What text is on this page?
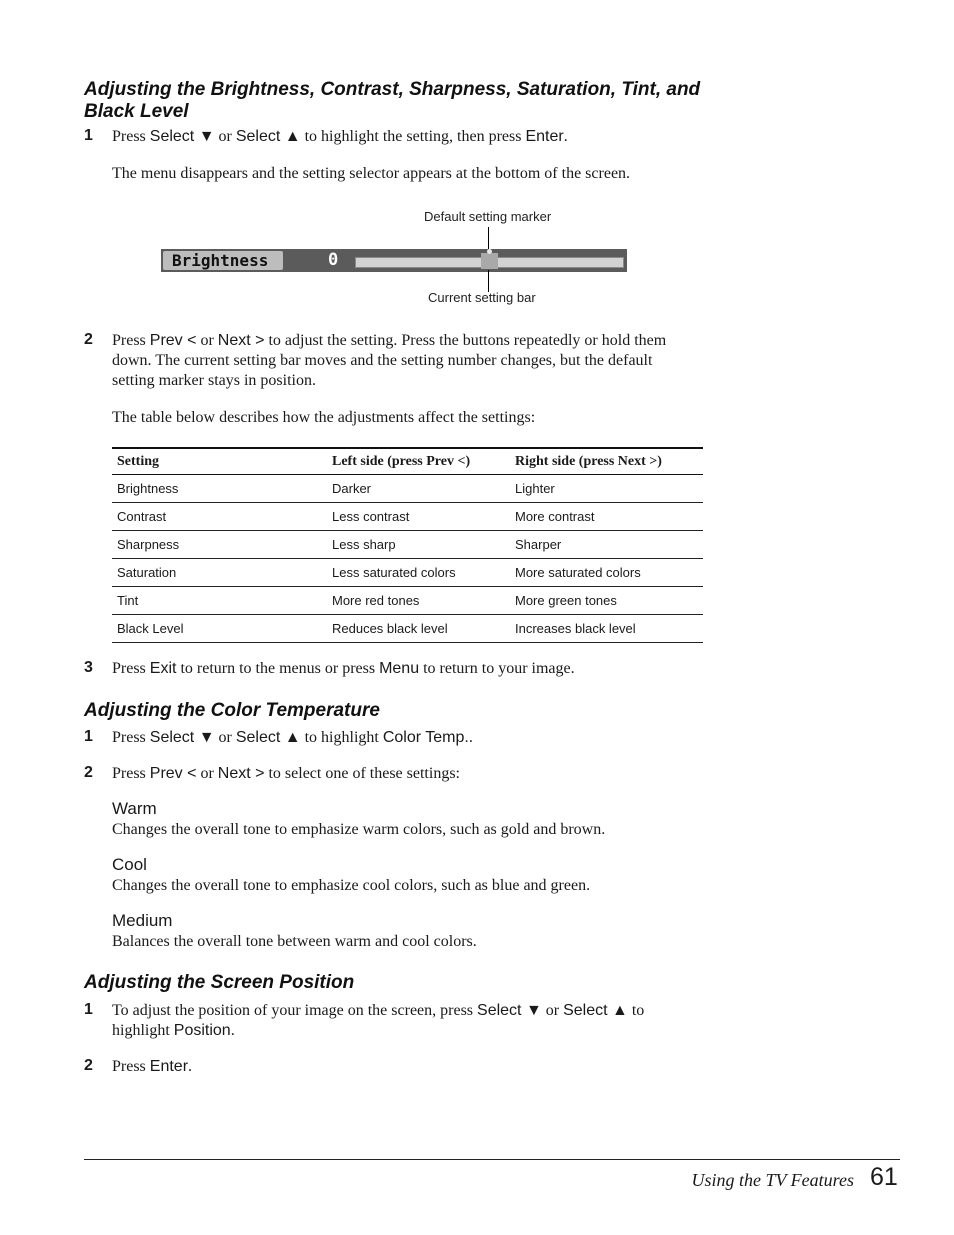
Adjusting the Brightness, Contrast, Sharpness, Saturation, Tint, and
Black Level
1 Press Select ▼ or Select ▲ to highlight the setting, then press Enter.

The menu disappears and the setting selector appears at the bottom of the screen.

Default setting marker
Brightness	0
Current setting bar
2 Press Prev < or Next > to adjust the setting. Press the buttons repeatedly or hold them
down. The current setting bar moves and the setting number changes, but the default
setting marker stays in position.

The table below describes how the adjustments affect the settings:

Setting	Left side (press Prev <)	Right side (press Next >)
Brightness	Darker	Lighter
Contrast	Less contrast	More contrast
Sharpness	Less sharp	Sharper
Saturation	Less saturated colors	More saturated colors
Tint	More red tones	More green tones
Black Level	Reduces black level	Increases black level
3 Press Exit to return to the menus or press Menu to return to your image.

Adjusting the Color Temperature
1 Press Select ▼ or Select ▲ to highlight Color Temp..

2 Press Prev < or Next > to select one of these settings:

Warm

Changes the overall tone to emphasize warm colors, such as gold and brown.

Cool

Changes the overall tone to emphasize cool colors, such as blue and green.

Medium

Balances the overall tone between warm and cool colors.

Adjusting the Screen Position
1 To adjust the position of your image on the screen, press Select ▼ or Select ▲ to
highlight Position.

2 Press Enter.

Using the TV Features 61
